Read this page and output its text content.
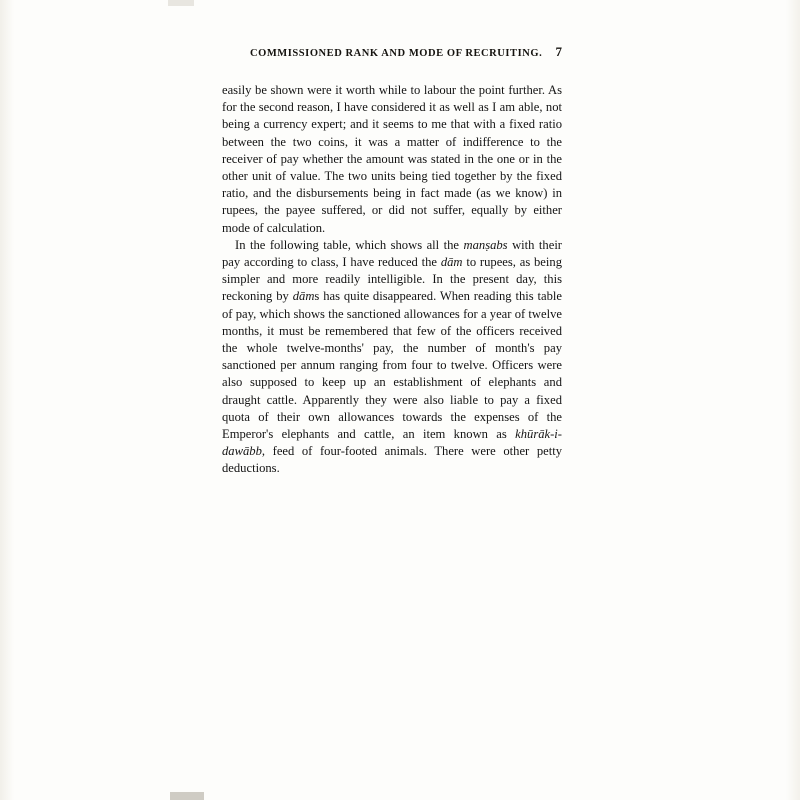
COMMISSIONED RANK AND MODE OF RECRUITING. 7

easily be shown were it worth while to labour the point further. As for the second reason, I have considered it as well as I am able, not being a currency expert; and it seems to me that with a fixed ratio between the two coins, it was a matter of indifference to the receiver of pay whether the amount was stated in the one or in the other unit of value. The two units being tied together by the fixed ratio, and the disbursements being in fact made (as we know) in rupees, the payee suffered, or did not suffer, equally by either mode of calculation.

In the following table, which shows all the manṣabs with their pay according to class, I have reduced the dām to rupees, as being simpler and more readily intelligible. In the present day, this reckoning by dāms has quite disappeared. When reading this table of pay, which shows the sanctioned allowances for a year of twelve months, it must be remembered that few of the officers received the whole twelve-months' pay, the number of month's pay sanctioned per annum ranging from four to twelve. Officers were also supposed to keep up an establishment of elephants and draught cattle. Apparently they were also liable to pay a fixed quota of their own allowances towards the expenses of the Emperor's elephants and cattle, an item known as khūrāk-i-dawābb, feed of four-footed animals. There were other petty deductions.
